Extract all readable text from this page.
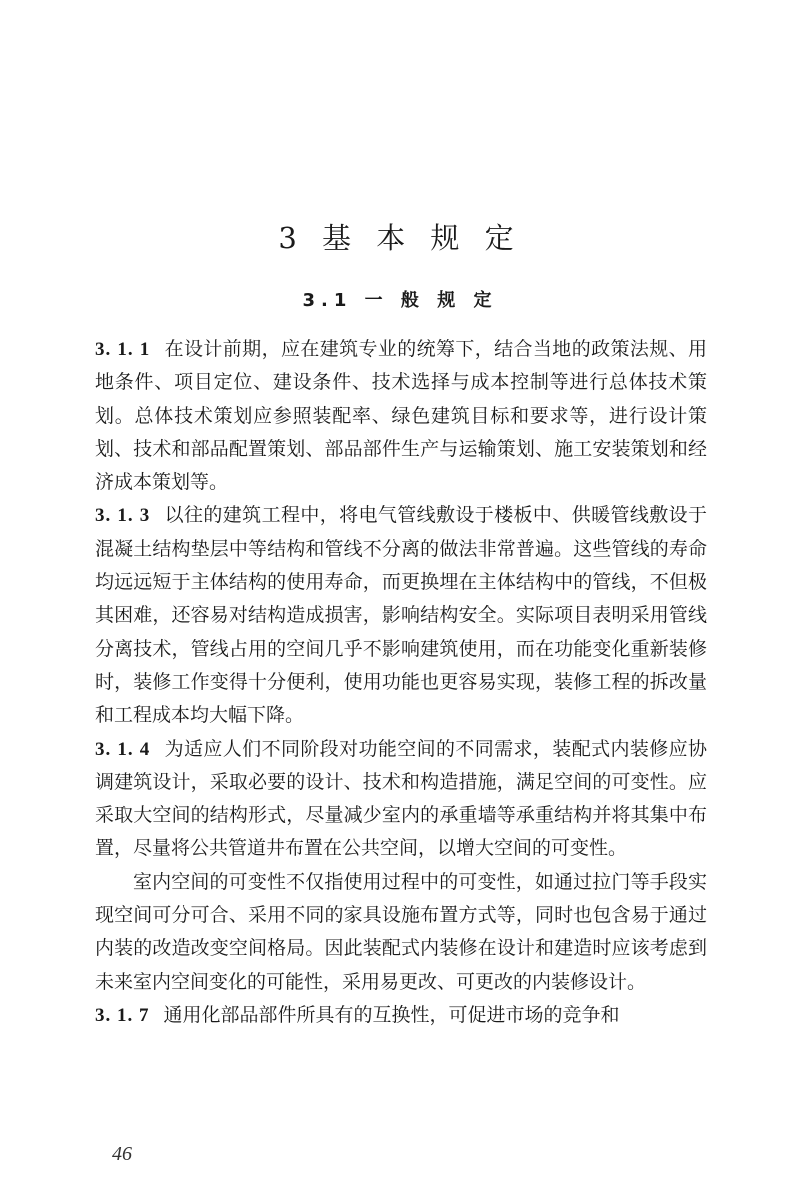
3 基 本 规 定
3.1 一 般 规 定

3. 1. 1 在设计前期，应在建筑专业的统筹下，结合当地的政策法规、用地条件、项目定位、建设条件、技术选择与成本控制等进行总体技术策划。总体技术策划应参照装配率、绿色建筑目标和要求等，进行设计策划、技术和部品配置策划、部品部件生产与运输策划、施工安装策划和经济成本策划等。

3. 1. 3 以往的建筑工程中，将电气管线敷设于楼板中、供暖管线敷设于混凝土结构垫层中等结构和管线不分离的做法非常普遍。这些管线的寿命均远远短于主体结构的使用寿命，而更换埋在主体结构中的管线，不但极其困难，还容易对结构造成损害，影响结构安全。实际项目表明采用管线分离技术，管线占用的空间几乎不影响建筑使用，而在功能变化重新装修时，装修工作变得十分便利，使用功能也更容易实现，装修工程的拆改量和工程成本均大幅下降。

3. 1. 4 为适应人们不同阶段对功能空间的不同需求，装配式内装修应协调建筑设计，采取必要的设计、技术和构造措施，满足空间的可变性。应采取大空间的结构形式，尽量减少室内的承重墙等承重结构并将其集中布置，尽量将公共管道井布置在公共空间，以增大空间的可变性。

室内空间的可变性不仅指使用过程中的可变性，如通过拉门等手段实现空间可分可合、采用不同的家具设施布置方式等，同时也包含易于通过内装的改造改变空间格局。因此装配式内装修在设计和建造时应该考虑到未来室内空间变化的可能性，采用易更改、可更改的内装修设计。

3. 1. 7 通用化部品部件所具有的互换性，可促进市场的竞争和

46
